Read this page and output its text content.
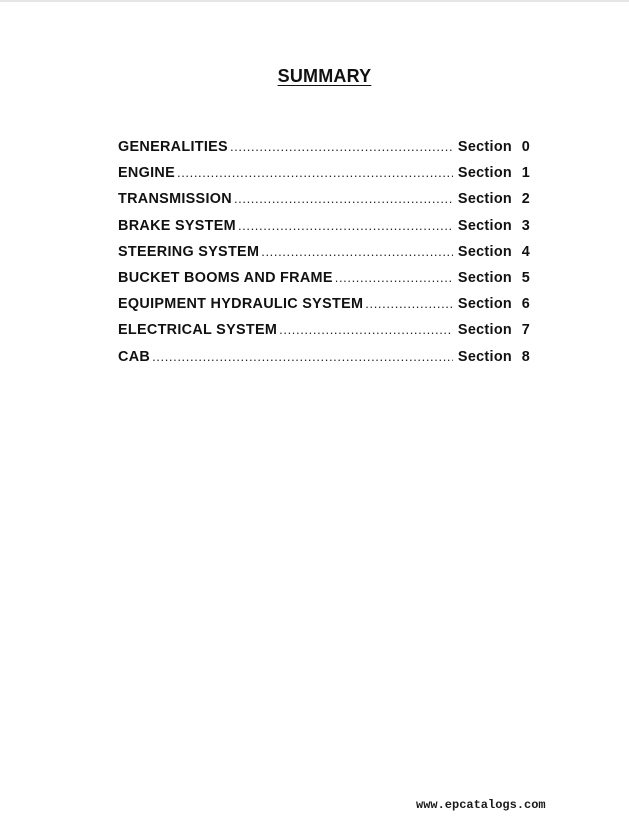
SUMMARY
GENERALITIES .....	Section 0
ENGINE .....	Section 1
TRANSMISSION .....	Section 2
BRAKE SYSTEM .....	Section 3
STEERING SYSTEM .....	Section 4
BUCKET BOOMS AND FRAME .....	Section 5
EQUIPMENT HYDRAULIC SYSTEM .....	Section 6
ELECTRICAL SYSTEM .....	Section 7
CAB .....	Section 8
www.epcatalogs.com
